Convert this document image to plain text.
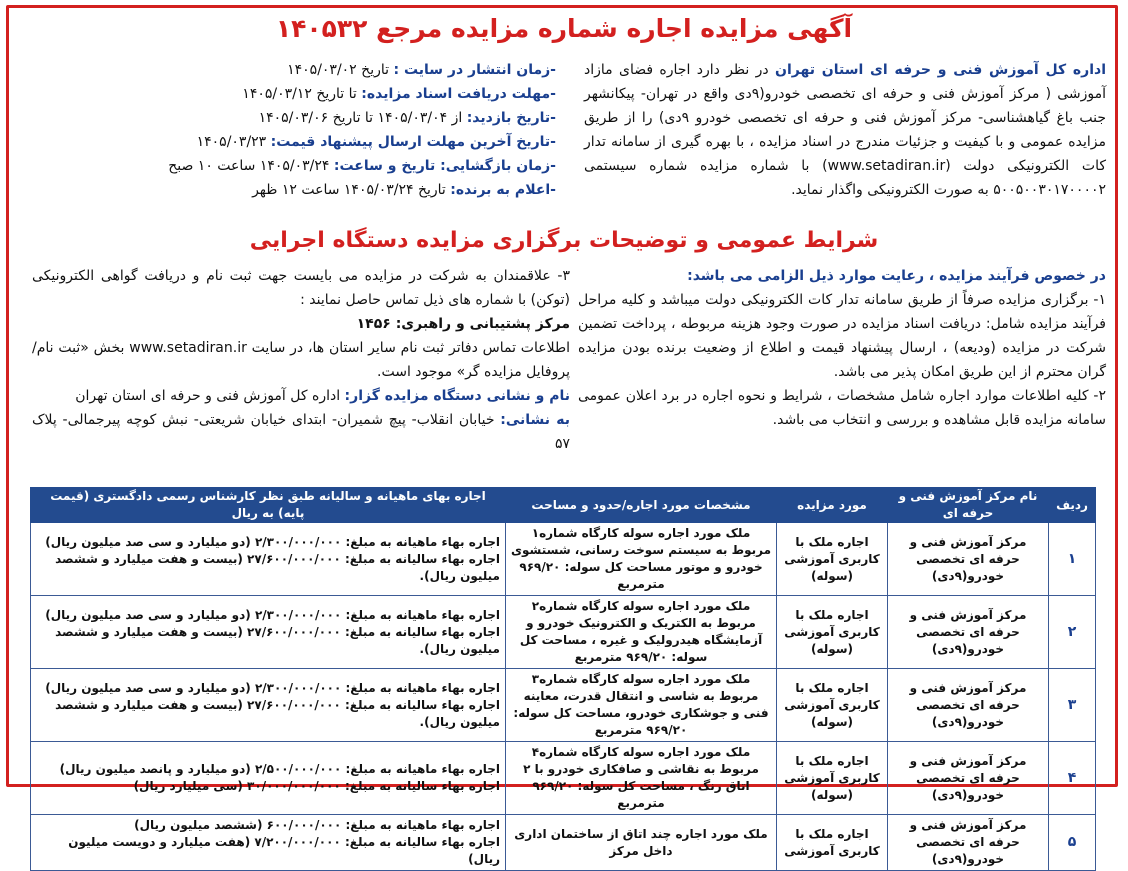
آگهی مزایده اجاره شماره مزایده مرجع ۱۴۰۵۳۲

اداره کل آموزش فنی و حرفه ای استان تهران در نظر دارد اجاره فضای مازاد آموزشی ( مرکز آموزش فنی و حرفه ای تخصصی خودرو(۹دی واقع در تهران- پیکانشهر جنب باغ گیاهشناسی- مرکز آموزش فنی و حرفه ای تخصصی خودرو ۹دی) را از طریق مزایده عمومی و با کیفیت و جزئیات مندرج در اسناد مزایده ، با بهره گیری از سامانه تدار کات الکترونیکی دولت (www.setadiran.ir) با شماره مزایده شماره سیستمی ۵۰۰۵۰۰۳۰۱۷۰۰۰۰۲ به صورت الکترونیکی واگذار نماید.

-زمان انتشار در سایت : تاریخ ۱۴۰۵/۰۳/۰۲
-مهلت دریافت اسناد مزایده: تا تاریخ ۱۴۰۵/۰۳/۱۲
-تاریخ بازدید: از ۱۴۰۵/۰۳/۰۴ تا تاریخ ۱۴۰۵/۰۳/۰۶
-تاریخ آخرین مهلت ارسال پیشنهاد قیمت: ۱۴۰۵/۰۳/۲۳
-زمان بازگشایی: تاریخ و ساعت: ۱۴۰۵/۰۳/۲۴ ساعت ۱۰ صبح
-اعلام به برنده: تاریخ ۱۴۰۵/۰۳/۲۴ ساعت ۱۲ ظهر
شرایط عمومی و توضیحات برگزاری مزایده دستگاه اجرایی

در خصوص فرآیند مزایده ، رعایت موارد ذیل الزامی می باشد:

۱- برگزاری مزایده صرفاً از طریق سامانه تدار کات الکترونیکی دولت میباشد و کلیه مراحل فرآیند مزایده شامل: دریافت اسناد مزایده در صورت وجود هزینه مربوطه ، پرداخت تضمین شرکت در مزایده (ودیعه) ، ارسال پیشنهاد قیمت و اطلاع از وضعیت برنده بودن مزایده گران محترم از این طریق امکان پذیر می باشد.

۲- کلیه اطلاعات موارد اجاره شامل مشخصات ، شرایط و نحوه اجاره در برد اعلان عمومی سامانه مزایده قابل مشاهده و بررسی و انتخاب می باشد.

۳- علاقمندان به شرکت در مزایده می بایست جهت ثبت نام و دریافت گواهی الکترونیکی (توکن) با شماره های ذیل تماس حاصل نمایند :

مرکز پشتیبانی و راهبری: ۱۴۵۶

اطلاعات تماس دفاتر ثبت نام سایر استان ها، در سایت www.setadiran.ir بخش «ثبت نام/پروفایل مزایده گر» موجود است.

نام و نشانی دستگاه مزایده گزار: اداره کل آموزش فنی و حرفه ای استان تهران

به نشانی: خیابان انقلاب- پیچ شمیران- ابتدای خیابان شریعتی- نبش کوچه پیرجمالی- پلاک ۵۷

ردیف	نام مرکز آموزش فنی و حرفه ای	مورد مزایده	مشخصات مورد اجاره/حدود و مساحت	اجاره بهای ماهیانه و سالیانه طبق نظر کارشناس رسمی دادگستری (قیمت پایه) به ریال
۱	مرکز آموزش فنی و حرفه ای تخصصی خودرو(۹دی)	اجاره ملک با کاربری آموزشی (سوله)	ملک مورد اجاره سوله کارگاه شماره۱ مربوط به سیستم سوخت رسانی، شستشوی خودرو و موتور مساحت کل سوله: ۹۶۹/۲۰ مترمربع	اجاره بهاء ماهیانه به مبلغ: ۲/۳۰۰/۰۰۰/۰۰۰ (دو میلیارد و سی صد میلیون ریال)
اجاره بهاء سالیانه به مبلغ: ۲۷/۶۰۰/۰۰۰/۰۰۰ (بیست و هفت میلیارد و ششصد میلیون ریال).

۲	مرکز آموزش فنی و حرفه ای تخصصی خودرو(۹دی)	اجاره ملک با کاربری آموزشی (سوله)	ملک مورد اجاره سوله کارگاه شماره۲ مربوط به الکتریک و الکترونیک خودرو و آزمایشگاه هیدرولیک و غیره ، مساحت کل سوله: ۹۶۹/۲۰ مترمربع	اجاره بهاء ماهیانه به مبلغ: ۲/۳۰۰/۰۰۰/۰۰۰ (دو میلیارد و سی صد میلیون ریال)
اجاره بهاء سالیانه به مبلغ: ۲۷/۶۰۰/۰۰۰/۰۰۰ (بیست و هفت میلیارد و ششصد میلیون ریال).

۳	مرکز آموزش فنی و حرفه ای تخصصی خودرو(۹دی)	اجاره ملک با کاربری آموزشی (سوله)	ملک مورد اجاره سوله کارگاه شماره۳ مربوط به شاسی و انتقال قدرت، معاینه فنی و جوشکاری خودرو، مساحت کل سوله: ۹۶۹/۲۰ مترمربع	اجاره بهاء ماهیانه به مبلغ: ۲/۳۰۰/۰۰۰/۰۰۰ (دو میلیارد و سی صد میلیون ریال)
اجاره بهاء سالیانه به مبلغ: ۲۷/۶۰۰/۰۰۰/۰۰۰ (بیست و هفت میلیارد و ششصد میلیون ریال).

۴	مرکز آموزش فنی و حرفه ای تخصصی خودرو(۹دی)	اجاره ملک با کاربری آموزشی (سوله)	ملک مورد اجاره سوله کارگاه شماره۴ مربوط به نقاشی و صافکاری خودرو با ۲ اتاق رنگ ، مساحت کل سوله: ۹۶۹/۲۰ مترمربع	اجاره بهاء ماهیانه به مبلغ: ۲/۵۰۰/۰۰۰/۰۰۰ (دو میلیارد و پانصد میلیون ریال)
اجاره بهاء سالیانه به مبلغ: ۳۰/۰۰۰/۰۰۰/۰۰۰ (سی میلیارد ریال)

۵	مرکز آموزش فنی و حرفه ای تخصصی خودرو(۹دی)	اجاره ملک با کاربری آموزشی	ملک مورد اجاره چند اتاق از ساختمان اداری داخل مرکز	اجاره بهاء ماهیانه به مبلغ: ۶۰۰/۰۰۰/۰۰۰ (ششصد میلیون ریال)
اجاره بهاء سالیانه به مبلغ: ۷/۲۰۰/۰۰۰/۰۰۰ (هفت میلیارد و دویست میلیون ریال)
